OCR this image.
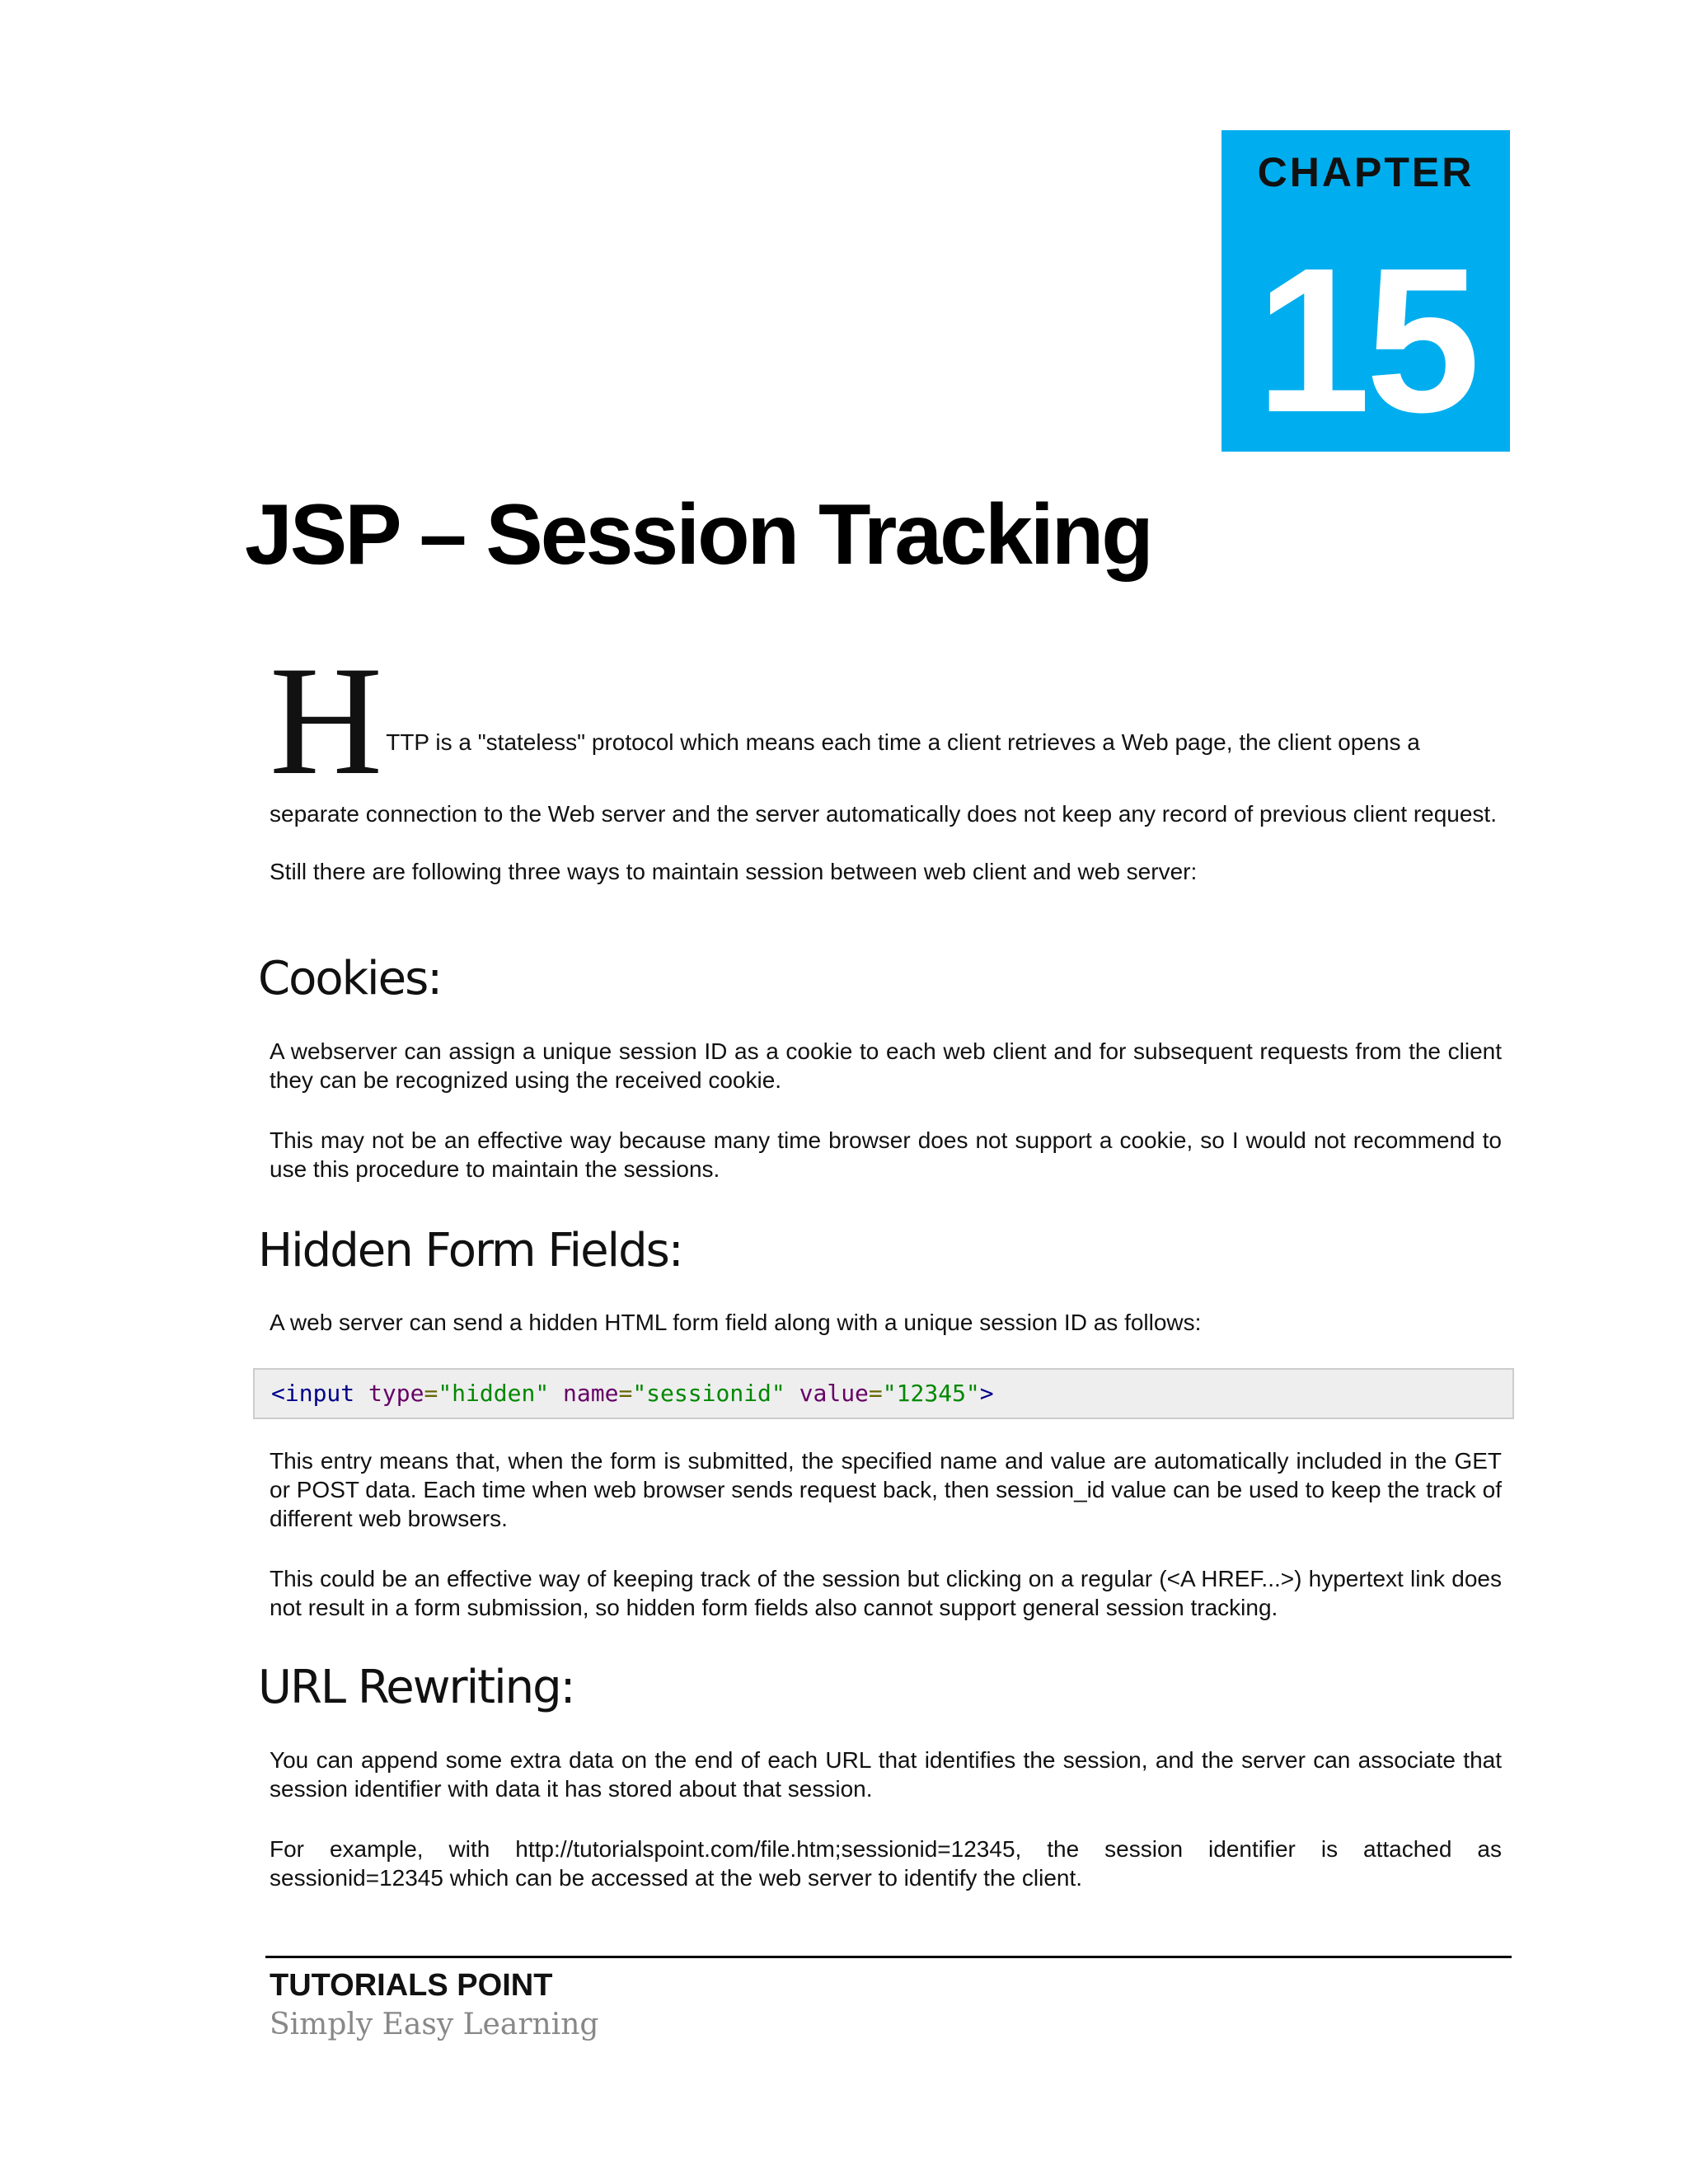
CHAPTER
15
JSP – Session Tracking
H TTP is a "stateless" protocol which means each time a client retrieves a Web page, the client opens a

separate connection to the Web server and the server automatically does not keep any record of previous client request.

Still there are following three ways to maintain session between web client and web server:

Cookies:

A webserver can assign a unique session ID as a cookie to each web client and for subsequent requests from the client they can be recognized using the received cookie.

This may not be an effective way because many time browser does not support a cookie, so I would not recommend to use this procedure to maintain the sessions.

Hidden Form Fields:

A web server can send a hidden HTML form field along with a unique session ID as follows:

<input type="hidden" name="sessionid" value="12345">

This entry means that, when the form is submitted, the specified name and value are automatically included in the GET or POST data. Each time when web browser sends request back, then session_id value can be used to keep the track of different web browsers.

This could be an effective way of keeping track of the session but clicking on a regular (<A HREF...>) hypertext link does not result in a form submission, so hidden form fields also cannot support general session tracking.

URL Rewriting:

You can append some extra data on the end of each URL that identifies the session, and the server can associate that session identifier with data it has stored about that session.

For example, with http://tutorialspoint.com/file.htm;sessionid=12345, the session identifier is attached as sessionid=12345 which can be accessed at the web server to identify the client.

TUTORIALS POINT
Simply Easy Learning
